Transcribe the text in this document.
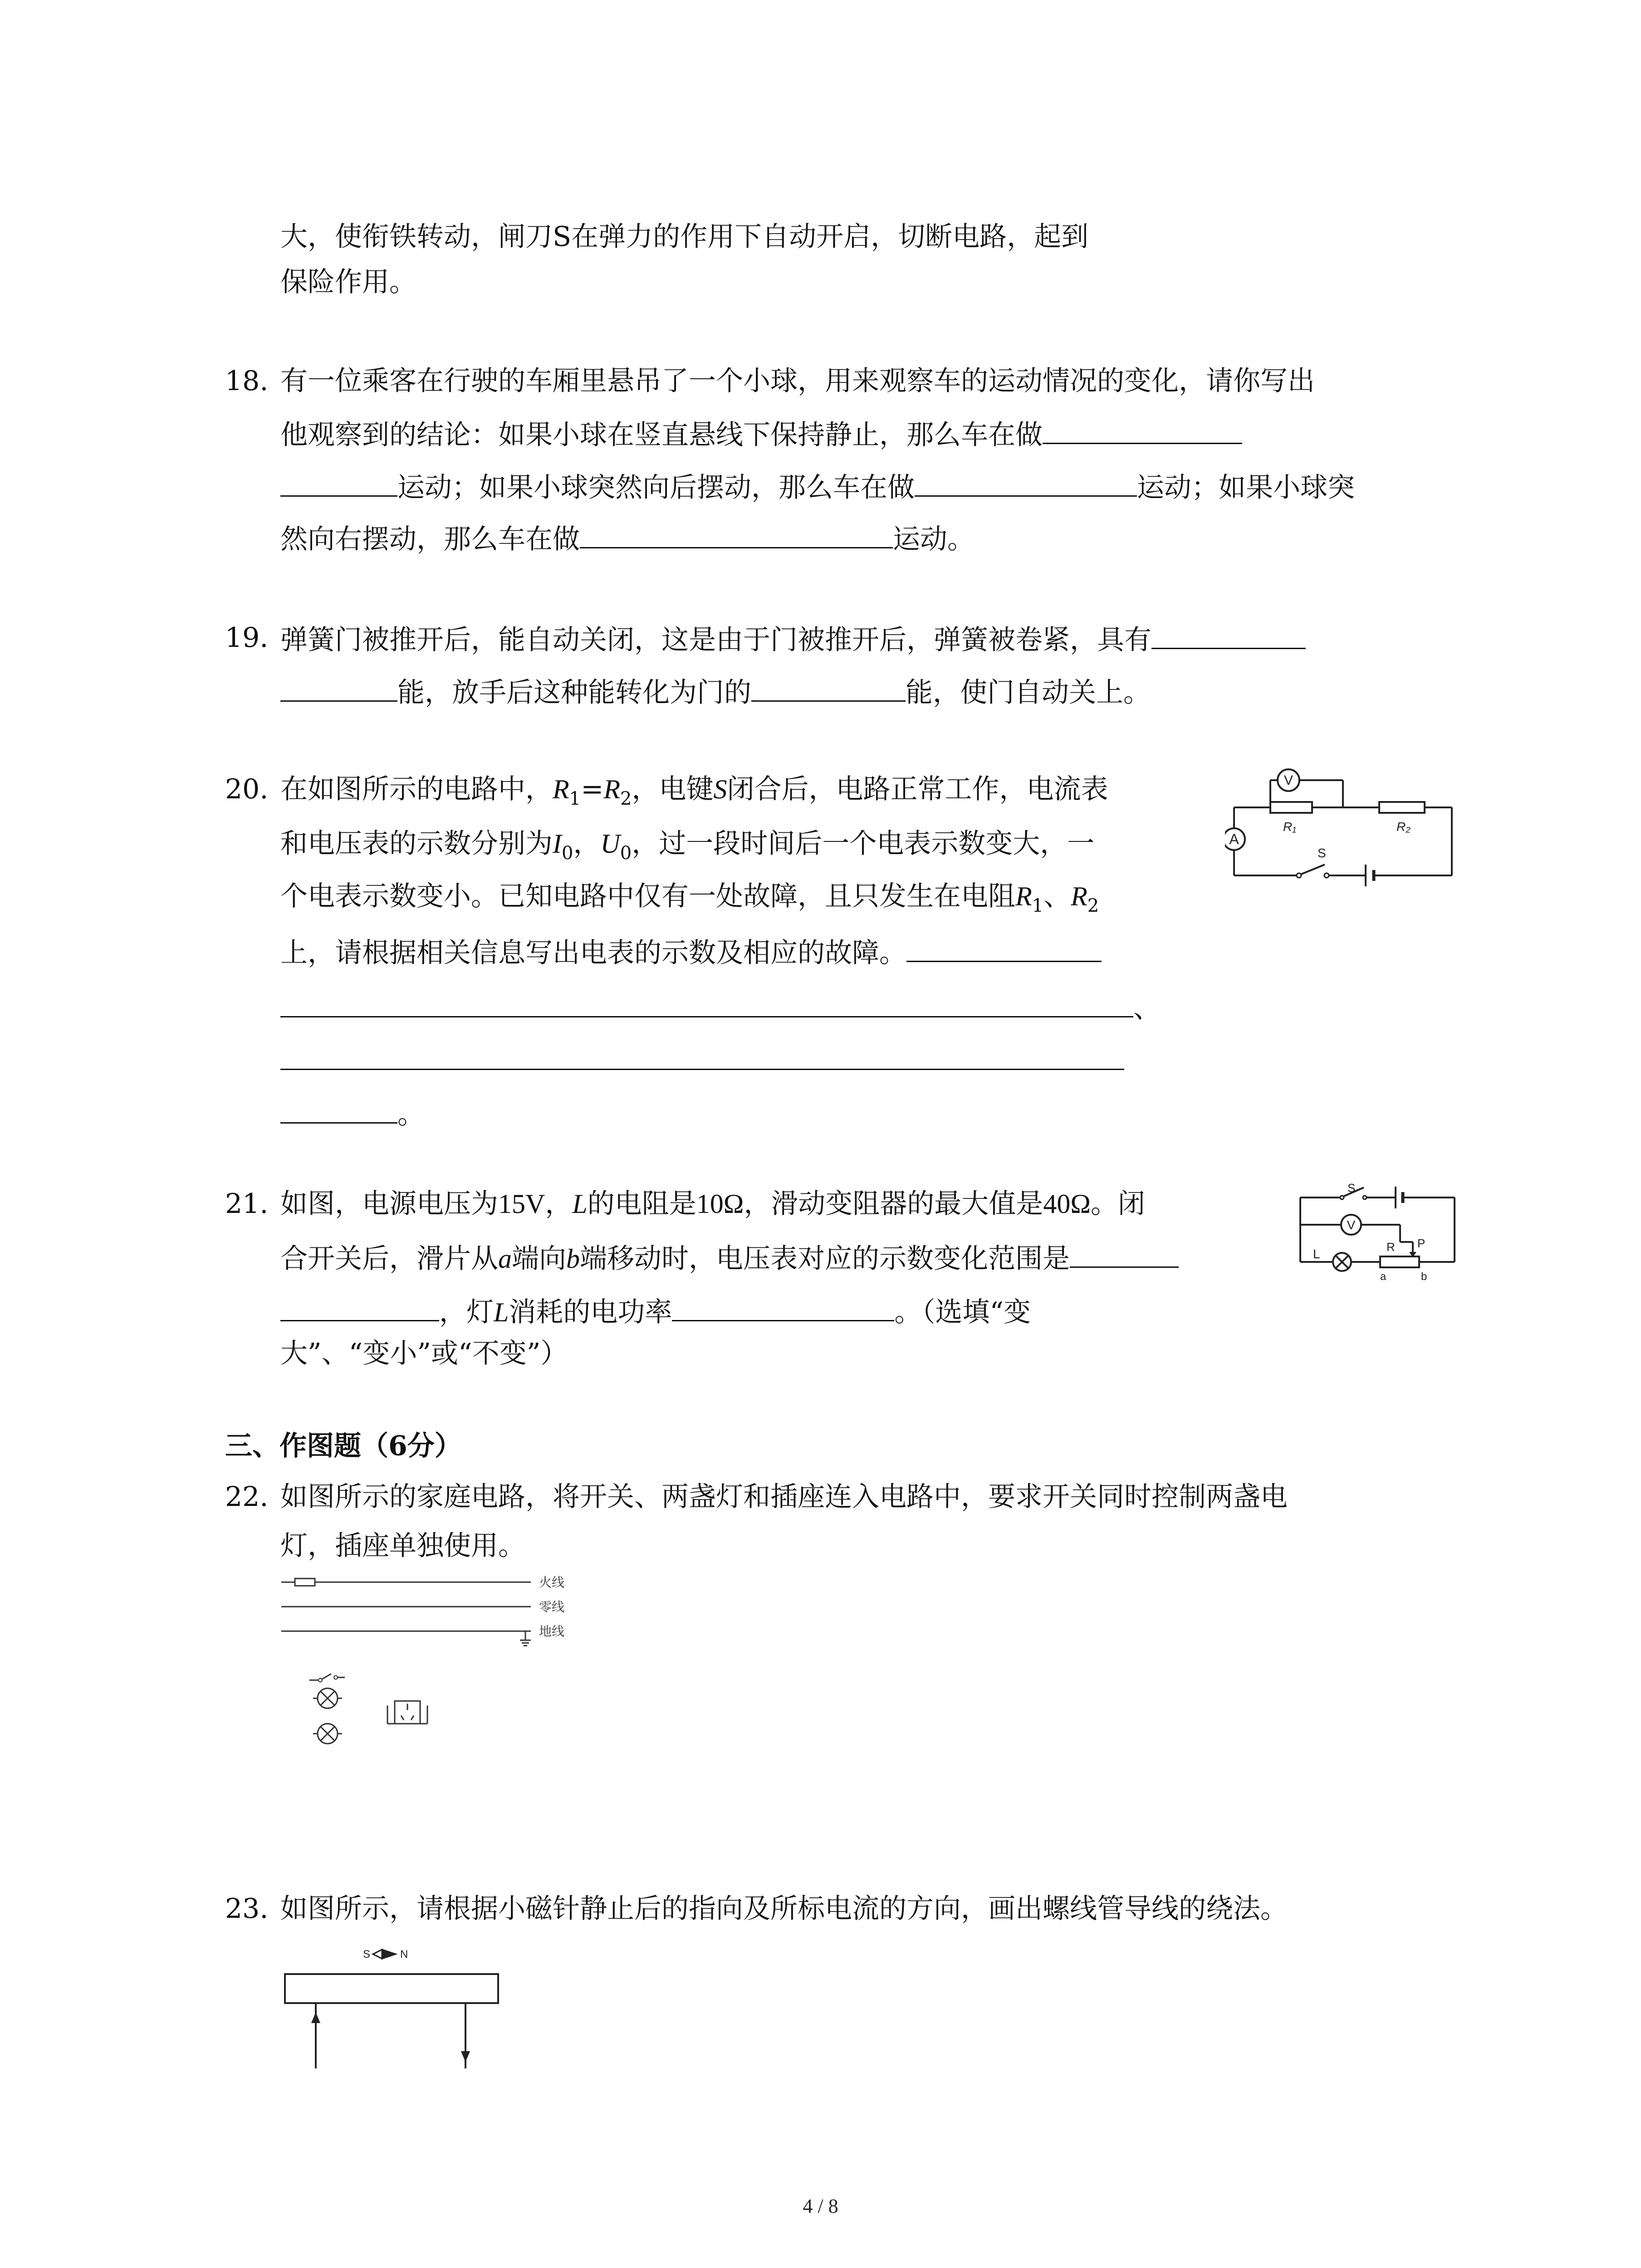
大，使衔铁转动，闸刀S在弹力的作用下自动开启，切断电路，起到
保险作用。
18. 有一位乘客在行驶的车厢里悬吊了一个小球，用来观察车的运动情况的变化，请你写出
他观察到的结论：如果小球在竖直悬线下保持静止，那么车在做
运动；如果小球突然向后摆动，那么车在做	运动；如果小球突
然向右摆动，那么车在做	运动。
19. 弹簧门被推开后，能自动关闭，这是由于门被推开后，弹簧被卷紧，具有
能，放手后这种能转化为门的	能，使门自动关上。
20. 在如图所示的电路中，$R_1=R_2$，电键S闭合后，电路正常工作，电流表
和电压表的示数分别为$I_0$，$U_0$，过一段时间后一个电表示数变大，一
个电表示数变小。已知电路中仅有一处故障，且只发生在电阻$R_1$、$R_2$
上，请根据相关信息写出电表的示数及相应的故障。
、
。
V
A
R₁	R₂
S
21. 如图，电源电压为15V，L的电阻是10Ω，滑动变阻器的最大值是40Ω。闭
合开关后，滑片从a端向b端移动时，电压表对应的示数变化范围是
，灯L消耗的电功率	。（选填“变
大”、“变小”或“不变”）
S
V
L	R P
a	b
三、作图题（6分）
22. 如图所示的家庭电路，将开关、两盏灯和插座连入电路中，要求开关同时控制两盏电
灯，插座单独使用。
火线
零线
地线
23. 如图所示，请根据小磁针静止后的指向及所标电流的方向，画出螺线管导线的绕法。
S	N
4 / 8
